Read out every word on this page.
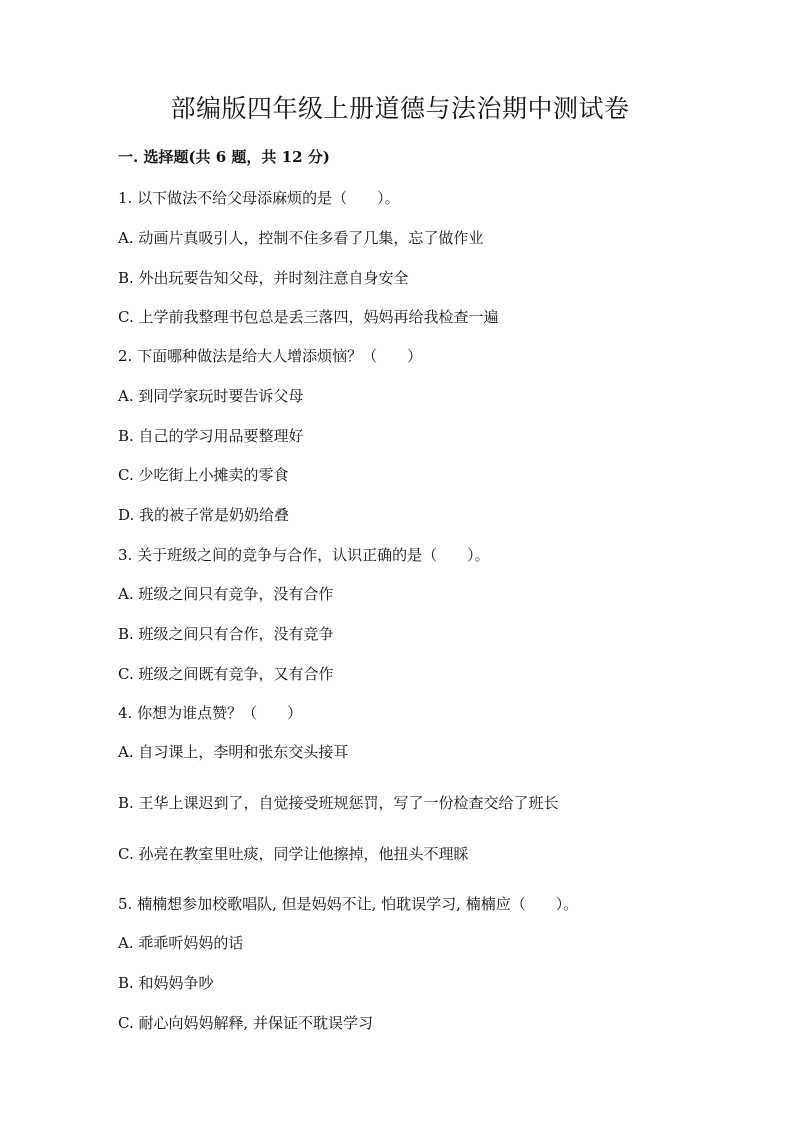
部编版四年级上册道德与法治期中测试卷
一. 选择题(共 6 题，共 12 分)
1. 以下做法不给父母添麻烦的是（　　）。
A. 动画片真吸引人，控制不住多看了几集，忘了做作业
B. 外出玩要告知父母，并时刻注意自身安全
C. 上学前我整理书包总是丢三落四，妈妈再给我检查一遍
2. 下面哪种做法是给大人增添烦恼？（　　）
A. 到同学家玩时要告诉父母
B. 自己的学习用品要整理好
C. 少吃街上小摊卖的零食
D. 我的被子常是奶奶给叠
3. 关于班级之间的竞争与合作，认识正确的是（　　）。
A. 班级之间只有竞争，没有合作
B. 班级之间只有合作，没有竞争
C. 班级之间既有竞争，又有合作
4. 你想为谁点赞？（　　）
A. 自习课上，李明和张东交头接耳
B. 王华上课迟到了，自觉接受班规惩罚，写了一份检查交给了班长
C. 孙亮在教室里吐痰，同学让他擦掉，他扭头不理睬
5. 楠楠想参加校歌唱队, 但是妈妈不让, 怕耽误学习, 楠楠应（　　）。
A. 乖乖听妈妈的话
B. 和妈妈争吵
C. 耐心向妈妈解释, 并保证不耽误学习
